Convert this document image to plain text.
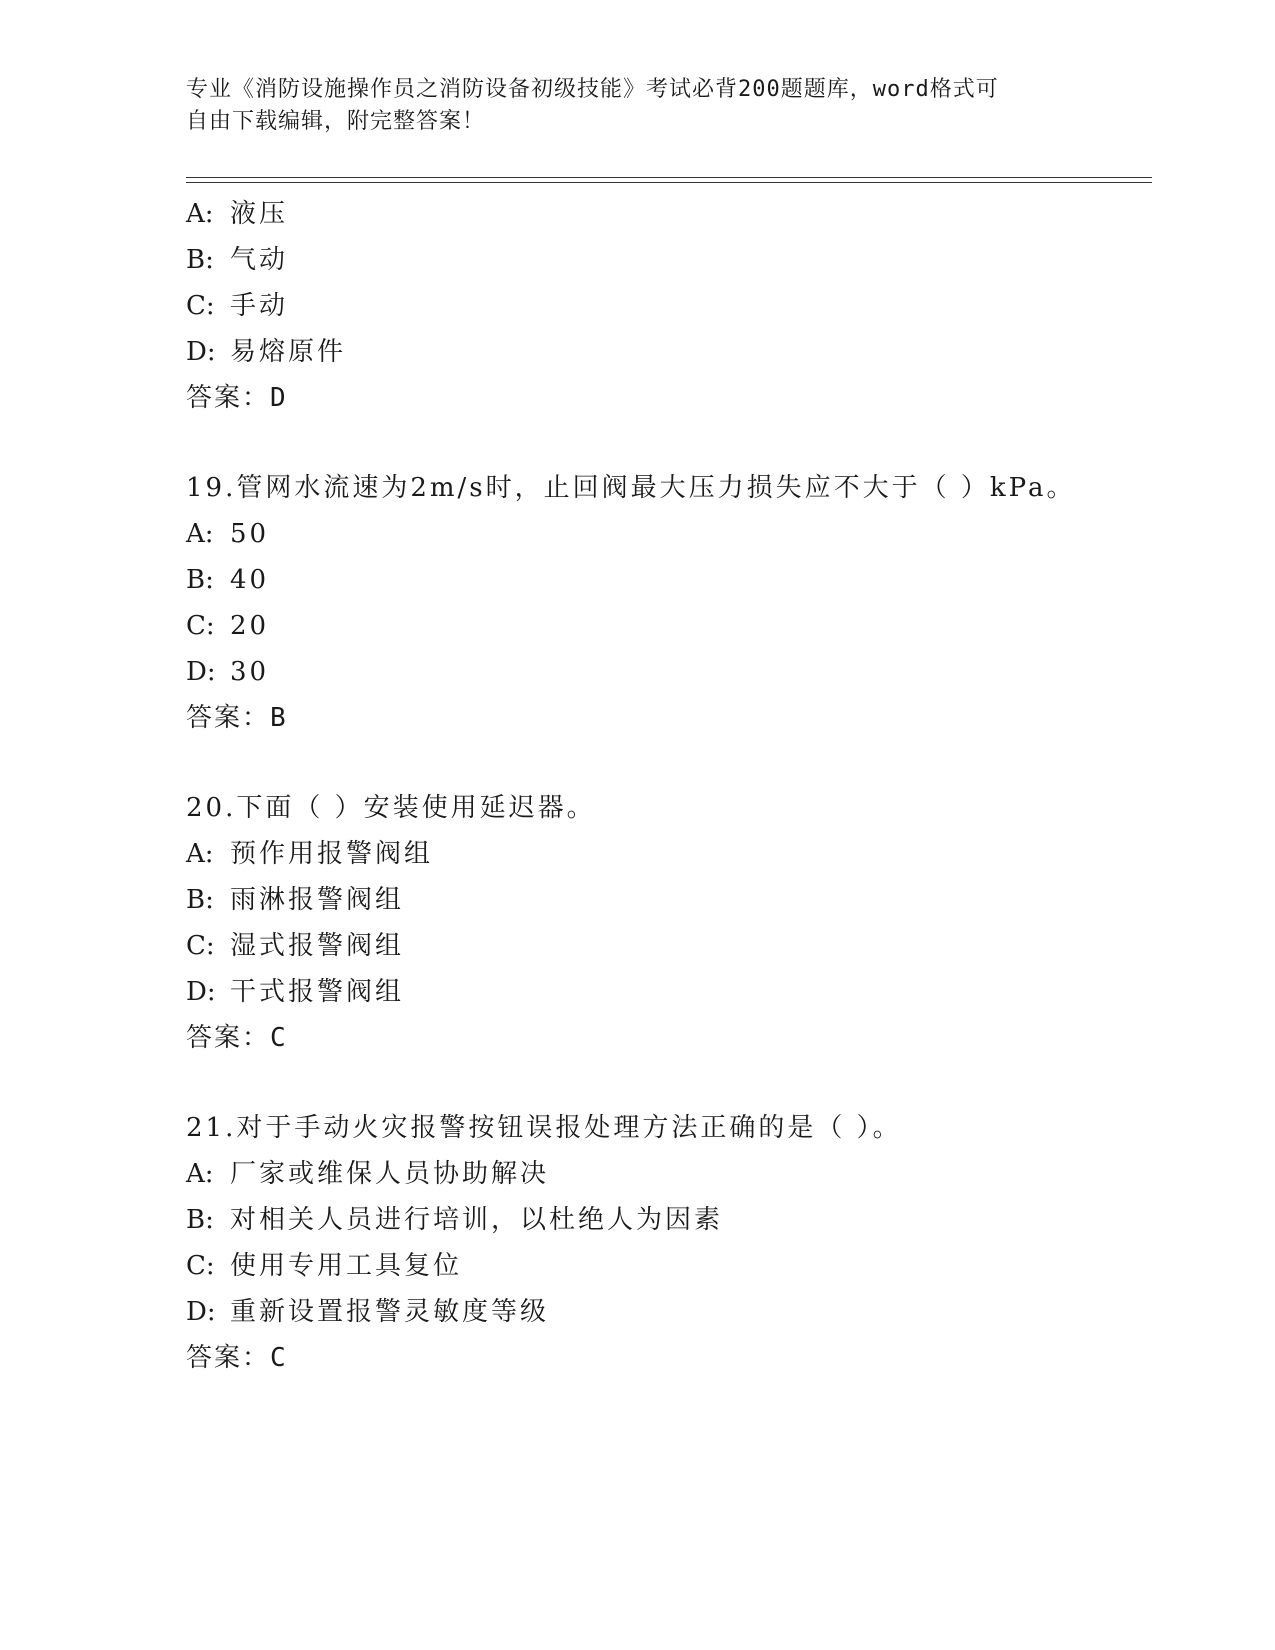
专业《消防设施操作员之消防设备初级技能》考试必背200题题库，word格式可
自由下载编辑，附完整答案！
A: 液压
B: 气动
C: 手动
D: 易熔原件
答案：D
19.管网水流速为2m/s时，止回阀最大压力损失应不大于（ ）kPa。
A: 50
B: 40
C: 20
D: 30
答案：B
20.下面（ ）安装使用延迟器。
A: 预作用报警阀组
B: 雨淋报警阀组
C: 湿式报警阀组
D: 干式报警阀组
答案：C
21.对于手动火灾报警按钮误报处理方法正确的是（ ）。
A: 厂家或维保人员协助解决
B: 对相关人员进行培训，以杜绝人为因素
C: 使用专用工具复位
D: 重新设置报警灵敏度等级
答案：C
